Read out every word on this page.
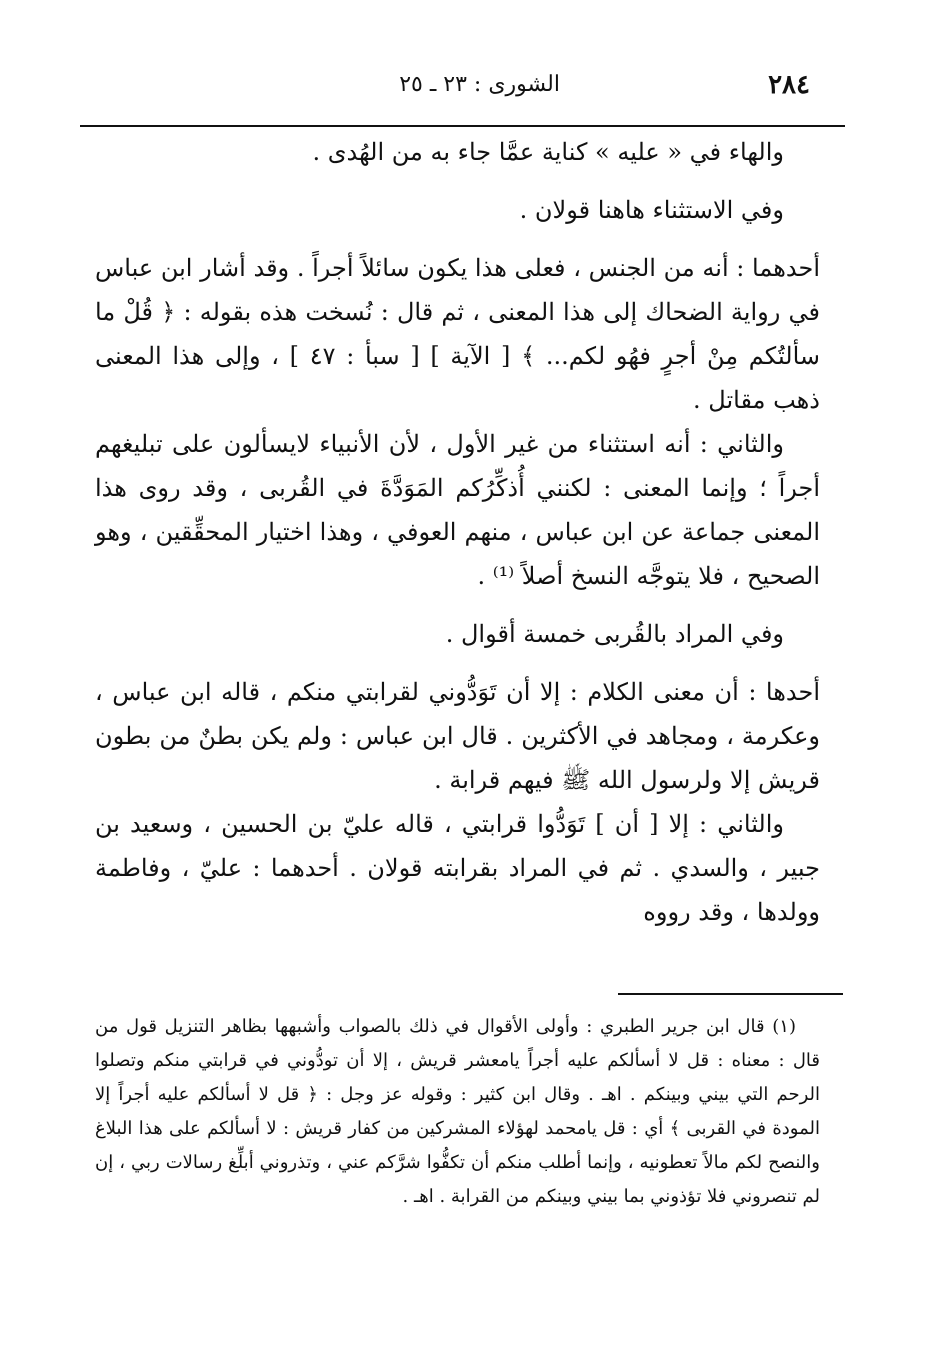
٢٨٤
الشورى : ٢٣ ـ ٢٥

والهاء في « عليه » كناية عمَّا جاء به من الهُدى .

وفي الاستثناء هاهنا قولان .

أحدهما : أنه من الجنس ، فعلى هذا يكون سائلاً أجراً . وقد أشار ابن عباس في رواية الضحاك إلى هذا المعنى ، ثم قال : نُسخت هذه بقوله : ﴿ قُلْ ما سألتُكم مِنْ أجرٍ فهُو لكم... ﴾ [ الآية ] [ سبأ : ٤٧ ] ، وإلى هذا المعنى ذهب مقاتل .

والثاني : أنه استثناء من غير الأول ، لأن الأنبياء لايسألون على تبليغهم أجراً ؛ وإنما المعنى : لكنني أُذكِّرُكم المَوَدَّةَ في القُربى ، وقد روى هذا المعنى جماعة عن ابن عباس ، منهم العوفي ، وهذا اختيار المحقِّقين ، وهو الصحيح ، فلا يتوجَّه النسخ أصلاً ⁽¹⁾ .

وفي المراد بالقُربى خمسة أقوال .

أحدها : أن معنى الكلام : إلا أن تَوَدُّوني لقرابتي منكم ، قاله ابن عباس ، وعكرمة ، ومجاهد في الأكثرين . قال ابن عباس : ولم يكن بطنٌ من بطون قريش إلا ولرسول الله ﷺ فيهم قرابة .

والثاني : إلا [ أن ] تَوَدُّوا قرابتي ، قاله عليّ بن الحسين ، وسعيد بن جبير ، والسدي . ثم في المراد بقرابته قولان . أحدهما : عليّ ، وفاطمة وولدها ، وقد رووه

(١) قال ابن جرير الطبري : وأولى الأقوال في ذلك بالصواب وأشبهها بظاهر التنزيل قول من قال : معناه : قل لا أسألكم عليه أجراً يامعشر قريش ، إلا أن تودُّوني في قرابتي منكم وتصلوا الرحم التي بيني وبينكم . اهـ . وقال ابن كثير : وقوله عز وجل : ﴿ قل لا أسألكم عليه أجراً إلا المودة في القربى ﴾ أي : قل يامحمد لهؤلاء المشركين من كفار قريش : لا أسألكم على هذا البلاغ والنصح لكم مالاً تعطونيه ، وإنما أطلب منكم أن تكفُّوا شرَّكم عني ، وتذروني أبلِّغ رسالات ربي ، إن لم تنصروني فلا تؤذوني بما بيني وبينكم من القرابة . اهـ .
